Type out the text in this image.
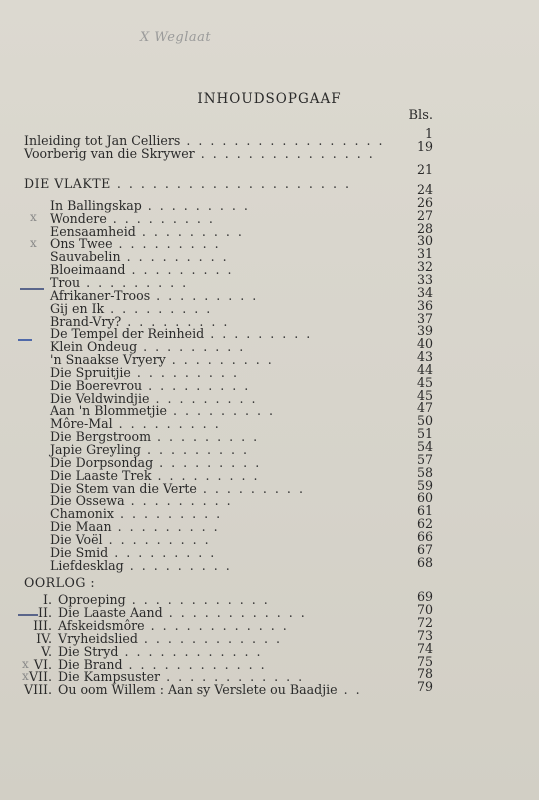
X Weglaat
INHOUDSOPGAAF
Bls.
Inleiding tot Jan Celliers . . . . . . . . . . . . . . . . .	1
19
Voorberig van die Skrywer . . . . . . . . . . . . . . .
21
DIE VLAKTE . . . . . . . . . . . . . . . . . . . .
OORLOG :
x
x
x
x
24
26
In Ballingskap . . . . . . . . .
27
Wondere . . . . . . . . .
28
Eensaamheid . . . . . . . . .
30
Ons Twee . . . . . . . . .
31
Sauvabelin . . . . . . . . .
32
Bloeimaand . . . . . . . . .
33
Trou . . . . . . . . .
34
Afrikaner-Troos . . . . . . . . .
36
Gij en Ik . . . . . . . . .
37
Brand-Vry? . . . . . . . . .
39
De Tempel der Reinheid . . . . . . . . .
40
Klein Ondeug . . . . . . . . .
43
'n Snaakse Vryery . . . . . . . . .
44
Die Spruitjie . . . . . . . . .
45
Die Boerevrou . . . . . . . . .
45
Die Veldwindjie . . . . . . . . .
47
Aan 'n Blommetjie . . . . . . . . .
50
Môre-Mal . . . . . . . . .
51
Die Bergstroom . . . . . . . . .
54
Japie Greyling . . . . . . . . .
57
Die Dorpsondag . . . . . . . . .
58
Die Laaste Trek . . . . . . . . .
59
Die Stem van die Verte . . . . . . . . .
60
Die Ossewa . . . . . . . . .
61
Chamonix . . . . . . . . .
62
Die Maan . . . . . . . . .
66
Die Voël . . . . . . . . .
67
Die Smid . . . . . . . . .
68
Liefdesklag . . . . . . . . .
69
I. Oproeping . . . . . . . . . . . .
70
II. Die Laaste Aand . . . . . . . . . . . .
72
III. Afskeidsmôre . . . . . . . . . . . .
73
IV. Vryheidslied . . . . . . . . . . . .
74
V. Die Stryd . . . . . . . . . . . .
75
VI. Die Brand . . . . . . . . . . . .
78
VII. Die Kampsuster . . . . . . . . . . . .
79
VIII. Ou oom Willem : Aan sy Verslete ou Baadjie . .
